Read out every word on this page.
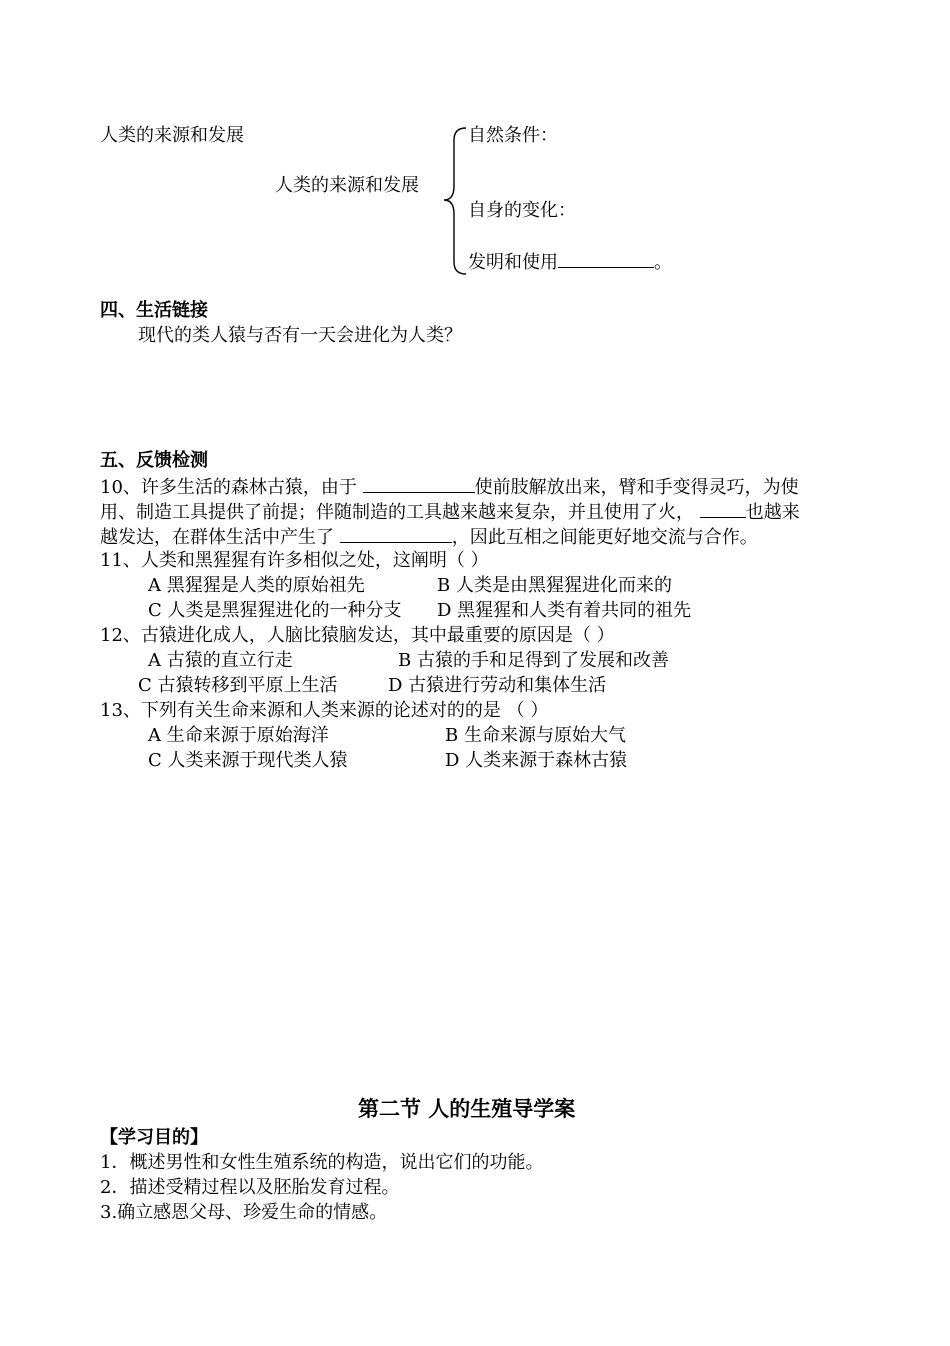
人类的来源和发展
人类的来源和发展
自然条件：
自身的变化：
发明和使用	。
四、生活链接
现代的类人猿与否有一天会进化为人类？
五、反馈检测
10、许多生活的森林古猿，由于	使前肢解放出来，臂和手变得灵巧，为使
用、制造工具提供了前提；伴随制造的工具越来越来复杂，并且使用了火，	也越来
越发达，在群体生活中产生了	，因此互相之间能更好地交流与合作。
11、人类和黑猩猩有许多相似之处，这阐明（ ）
A 黑猩猩是人类的原始祖先	B 人类是由黑猩猩进化而来的
C 人类是黑猩猩进化的一种分支 D 黑猩猩和人类有着共同的祖先
12、古猿进化成人，人脑比猿脑发达，其中最重要的原因是（ ）
A 古猿的直立行走	B 古猿的手和足得到了发展和改善
C 古猿转移到平原上生活	D 古猿进行劳动和集体生活
13、下列有关生命来源和人类来源的论述对的的是 （ ）
A 生命来源于原始海洋	B 生命来源与原始大气
C 人类来源于现代类人猿	D 人类来源于森林古猿
第二节 人的生殖导学案
【学习目的】
1．概述男性和女性生殖系统的构造，说出它们的功能。
2．描述受精过程以及胚胎发育过程。
3.确立感恩父母、珍爱生命的情感。
